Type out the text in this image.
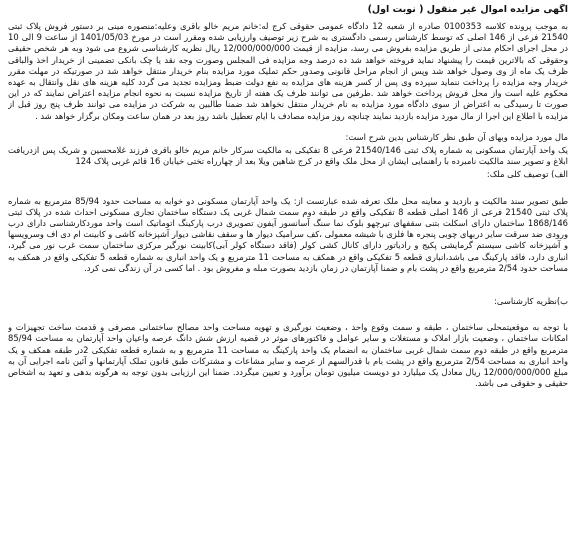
آگهی مزایده اموال غیر منقول ( نوبت اول)

به موجب پرونده کلاسه 0100353 صادره از شعبه 12 دادگاه عمومی حقوقی کرج له:خانم مریم خالو باقری وعلیه:منصوره مینی بر دستور فروش پلاک ثبتی 21540 فرعی از 146 اصلی که توسط کارشناس رسمی دادگستری به شرح زیر توصیف وارزیابی شده ومقرر است در مورخ 1401/05/03 از ساعت 9 الی 10 در محل اجرای احکام مدنی از طریق مزایده بفروش می رسد، مزایده از قیمت 12/000/000/000 ریال نظریه کارشناسی شروع می شود وبه هر شخص حقیقی وحقوقی که بالاترین قیمت را پیشنهاد نماید فروخته خواهد شد ده درصد وجه مزایده فی المجلس وصورت وجه نقد یا چک بانکی تضمینی از خریدار اخذ والباقی ظرف یک ماه از وی وصول خواهد شد وپس از انجام مراحل قانونی وصدور حکم تملیک مورد مزایده بنام خریدار منتقل خواهد شد در صورتیکه در مهلت مقرر خریدار وجه مزایده را پرداخت ننماید سپرده وی پس از کسر هزینه های مزایده به نفع دولت ضبط ومزایده تجدید می گردد کلیه هزینه های نقل وانتقال به عهده محکوم علیه است واز محل فروش پرداخت خواهد شد .طرفین می توانند ظرف یک هفته از تاریخ مزایده نسبت به نحوه انجام مزایده اعتراض نمایند که در این صورت تا رسیدگی به اعتراض از سوی دادگاه مورد مزایده به نام خریدار منتقل نخواهد شد ضمنا طالبین به شرکت در مزایده می توانند ظرف پنج روز قبل از مزایده با اطلاع این اجرا از مال مورد مزایده بازدید نمایند چنانچه روز مزایده مصادف با ایام تعطیل باشد روز بعد در همان ساعت ومکان برگزار خواهد شد .

مال مورد مزایده وبهای آن طبق نظر کارشناس بدین شرح است:

یک واحد آپارتمان مسکونی به شماره پلاک ثبتی 21540/146 فرعی 8 تفکیکی به مالکیت سرکار خانم مریم خالو باقری فرزند غلامحسین و شریک پس ازدریافت ابلاغ و تصویر سند مالکیت نامبرده با راهنمایی ایشان از محل ملک واقع در کرج شاهین ویلا بعد از چهارراه تختی خیابان 16 قائم غربی پلاک 124

الف) توصیف کلی ملک:

طبق تصویر سند مالکیت و بازدید و معاینه محل ملک تعرفه شده عبارتست از: یک واحد آپارتمان مسکونی دو خوابه به مساحت حدود 85/94 مترمربع به شماره پلاک ثبتی 21540 فرعی از 146 اصلی قطعه 8 تفکیکی واقع در طبقه دوم سمت شمال غربی یک دستگاه ساختمان تجاری مسکونی احداث شده در پلاک ثبتی 1868/146 ساختمان دارای اسکلت بتنی سقفهای تیرچهو بلوک نما سنگ آسانسور آیفون تصویری درب پارکینگ اتوماتیک است واحد موردکارشناسی دارای درب ورودی ضد سرقت سایر دربهای چوبی پنجره ها فلزی با شیشه معمولی ،کف سرامیک دیوار ها و سقف نقاشی دیوار آشپزخانه کاشی و کابینت ام دی اف وسرویسها و آشپزخانه کاشی سیستم گرمایشی پکیج و رادیاتور دارای کانال کشی کولر (فاقد دستگاه کولر آبی)کابینت نورگیر مرکزی ساختمان سمت غرب نور می گیرد، انباری دارد، فاقد پارکینگ می باشد،انباری قطعه 5 تفکیکی واقع در همکف به مساحت 11 مترمربع و یک واحد انباری به شماره قطعه 5 تفکیکی واقع در همکف به مساحت حدود 2/54 مترمربع واقع در پشت بام و ضمنا آپارتمان در زمان بازدید بصورت مبله و مفروش بود . اما کسی در آن زندگی نمی کرد.

ب)نظریه کارشناسی:

با توجه به موقعیتمحلی ساختمان ، طبقه و سمت وقوع واحد ، وضعیت نورگیری و تهویه مساحت واحد مصالح ساختمانی مصرفی و قدمت ساخت تجهیزات و امکانات ساختمان ، وضعیت بازار املاک و مستغلات و سایر عوامل و فاکتورهای موثر در قضیه ارزش شش دانگ عرصه واعیان واحد آپارتمان به مساحت 85/94 مترمربع واقع در طبقه دوم سمت شمال غربی ساختمان به انضمام یک واحد پارکینگ به مساحت 11 مترمربع و به شماره قطعه تفکیکی 2در طبقه همکف و یک واحد انباری به مساحت 2/54 مترمربع واقع در پشت بام با قدرالسهم از عرصه و سایر مشاعات و مشترکات طبق قانون تملک آپارتمانها و آئین نامه اجرایی آن به مبلغ 12/000/000/000 ریال معادل یک میلیارد دو دویست میلیون تومان برآورد و تعیین میگردد. ضمنا این ارزیابی بدون توجه به هرگونه بدهی و تعهد به اشخاص حقیقی و حقوقی می باشد.
